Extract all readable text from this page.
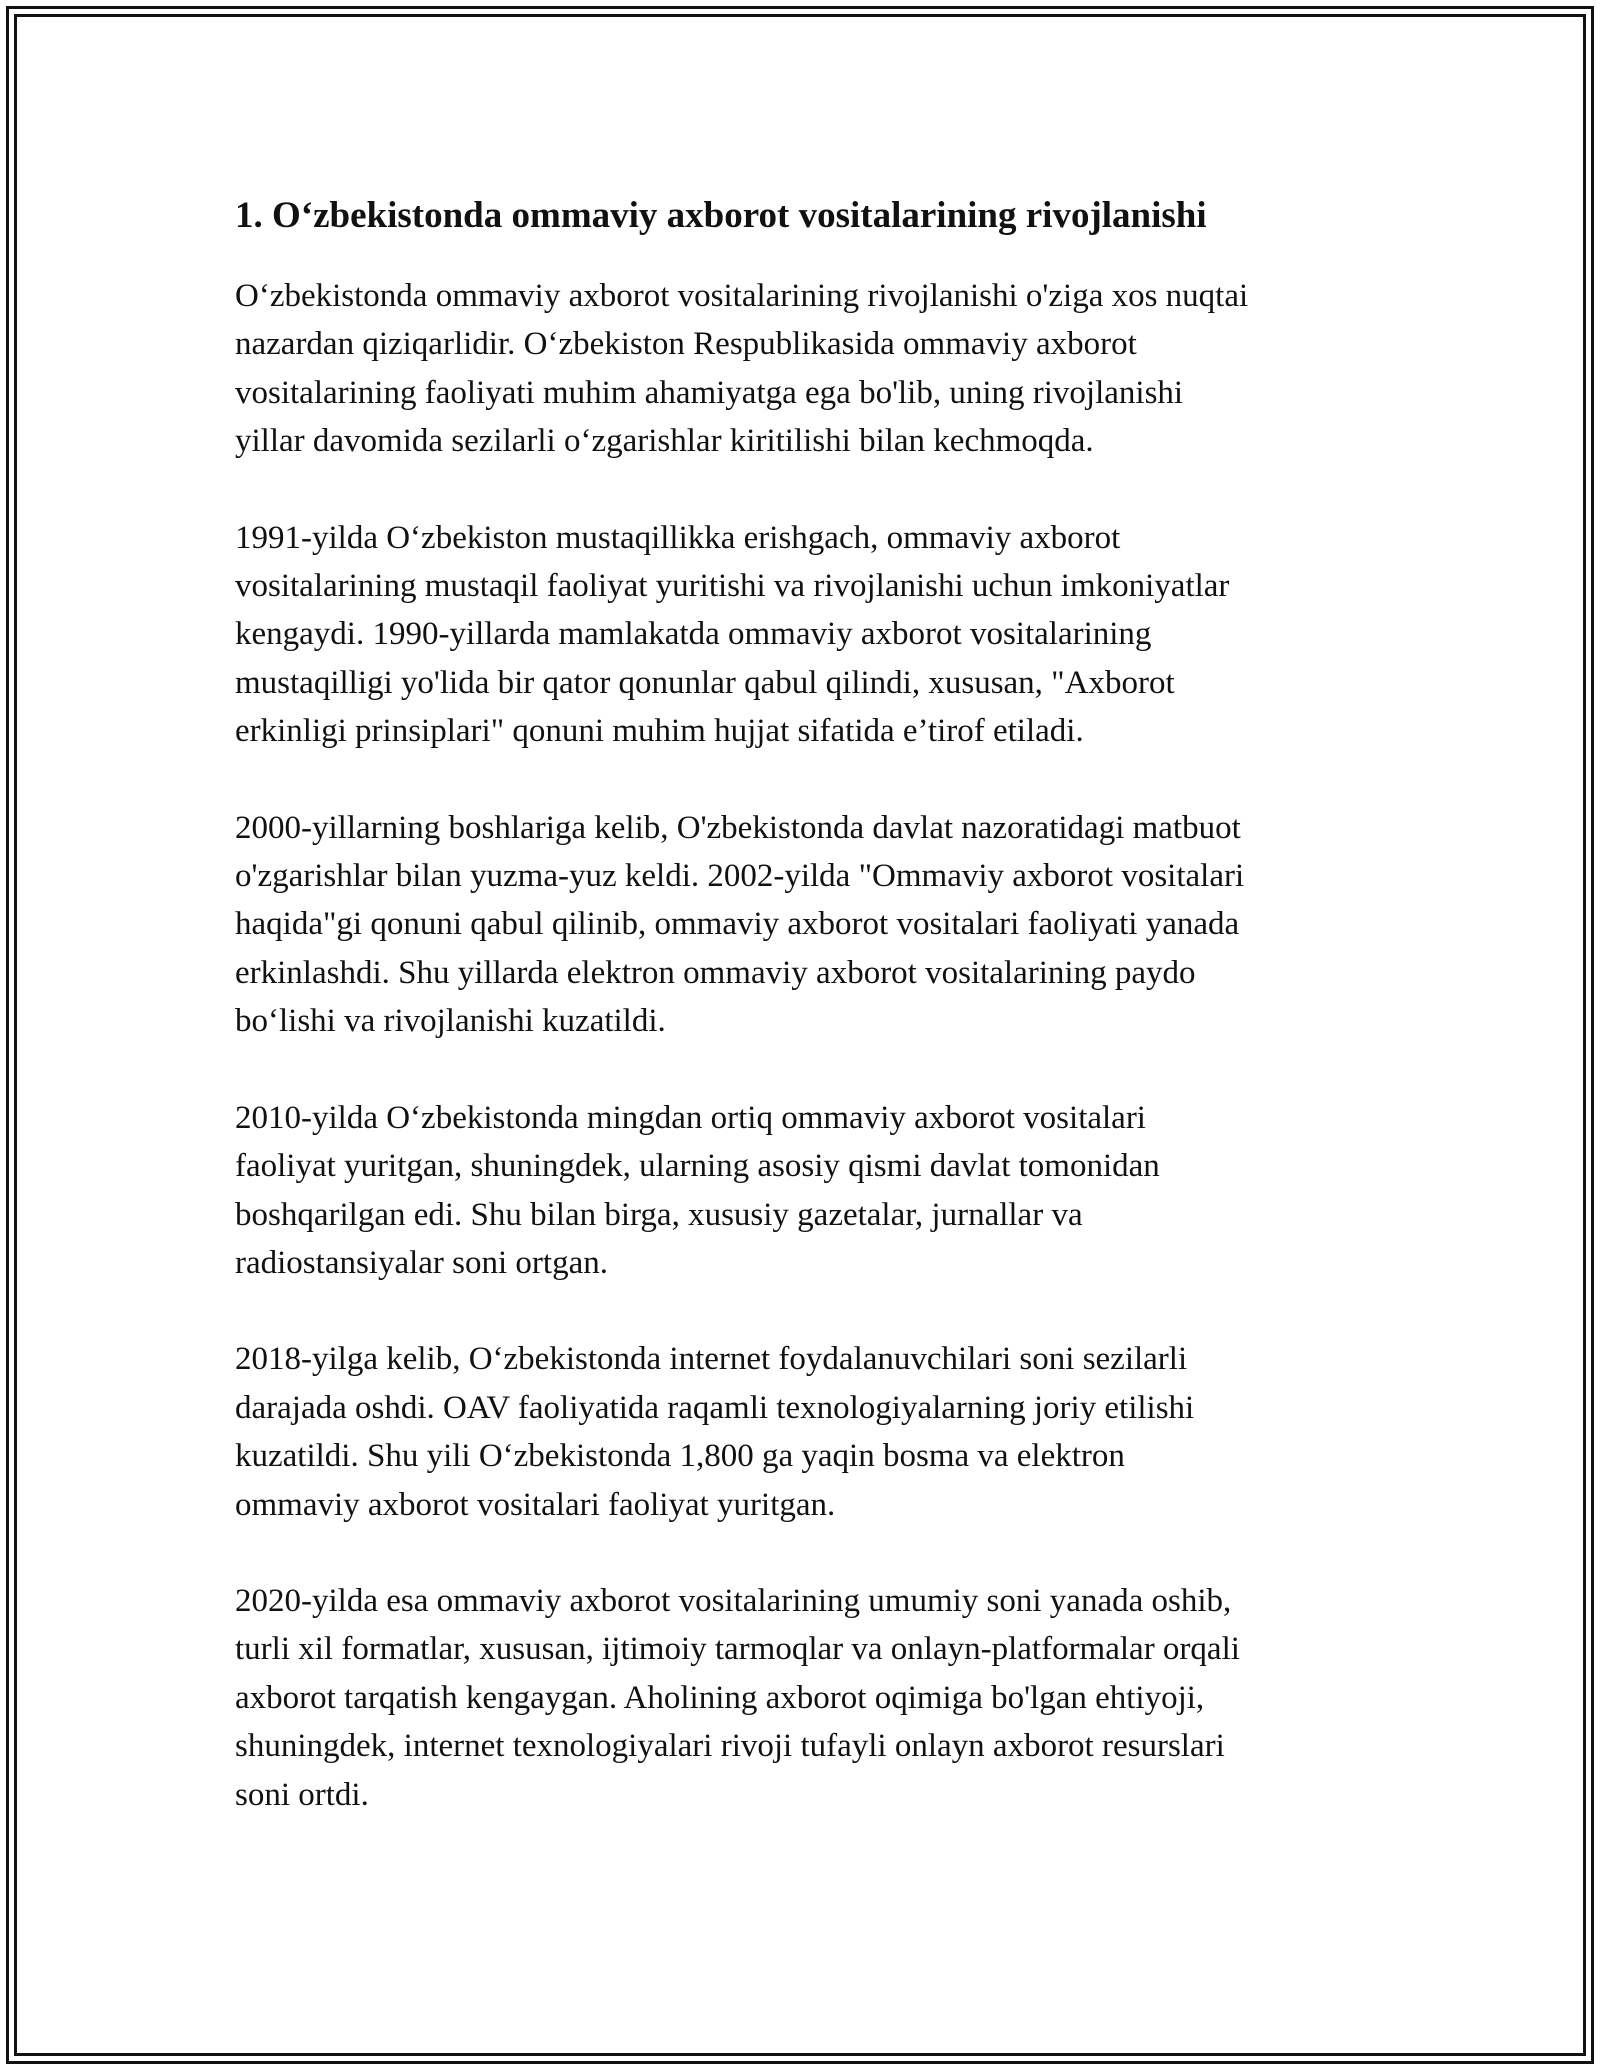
1. O‘zbekistonda ommaviy axborot vositalarining rivojlanishi

O‘zbekistonda ommaviy axborot vositalarining rivojlanishi o'ziga xos nuqtai
nazardan qiziqarlidir. O‘zbekiston Respublikasida ommaviy axborot
vositalarining faoliyati muhim ahamiyatga ega bo'lib, uning rivojlanishi
yillar davomida sezilarli o‘zgarishlar kiritilishi bilan kechmoqda.

1991-yilda O‘zbekiston mustaqillikka erishgach, ommaviy axborot
vositalarining mustaqil faoliyat yuritishi va rivojlanishi uchun imkoniyatlar
kengaydi. 1990-yillarda mamlakatda ommaviy axborot vositalarining
mustaqilligi yo'lida bir qator qonunlar qabul qilindi, xususan, "Axborot
erkinligi prinsiplari" qonuni muhim hujjat sifatida e’tirof etiladi.

2000-yillarning boshlariga kelib, O'zbekistonda davlat nazoratidagi matbuot
o'zgarishlar bilan yuzma-yuz keldi. 2002-yilda "Ommaviy axborot vositalari
haqida"gi qonuni qabul qilinib, ommaviy axborot vositalari faoliyati yanada
erkinlashdi. Shu yillarda elektron ommaviy axborot vositalarining paydo
bo‘lishi va rivojlanishi kuzatildi.

2010-yilda O‘zbekistonda mingdan ortiq ommaviy axborot vositalari
faoliyat yuritgan, shuningdek, ularning asosiy qismi davlat tomonidan
boshqarilgan edi. Shu bilan birga, xususiy gazetalar, jurnallar va
radiostansiyalar soni ortgan.

2018-yilga kelib, O‘zbekistonda internet foydalanuvchilari soni sezilarli
darajada oshdi. OAV faoliyatida raqamli texnologiyalarning joriy etilishi
kuzatildi. Shu yili O‘zbekistonda 1,800 ga yaqin bosma va elektron
ommaviy axborot vositalari faoliyat yuritgan.

2020-yilda esa ommaviy axborot vositalarining umumiy soni yanada oshib,
turli xil formatlar, xususan, ijtimoiy tarmoqlar va onlayn-platformalar orqali
axborot tarqatish kengaygan. Aholining axborot oqimiga bo'lgan ehtiyoji,
shuningdek, internet texnologiyalari rivoji tufayli onlayn axborot resurslari
soni ortdi.
